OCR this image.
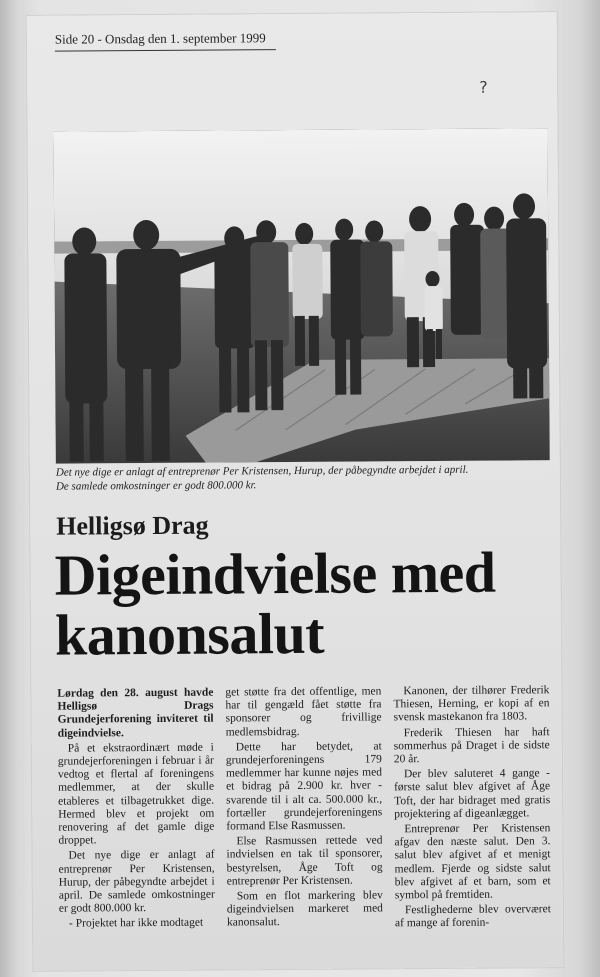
Side 20 - Onsdag den 1. september 1999
?
Det nye dige er anlagt af entreprenør Per Kristensen, Hurup, der påbegyndte arbejdet i april.
De samlede omkostninger er godt 800.000 kr.
Helligsø Drag
Digeindvielse med kanonsalut

Lørdag den 28. august havde Helligsø Drags Grundejerforening inviteret til digeindvielse.

På et ekstraordinært møde i grundejerforeningen i februar i år vedtog et flertal af foreningens medlemmer, at der skulle etableres et tilbagetrukket dige. Hermed blev et projekt om renovering af det gamle dige droppet.

Det nye dige er anlagt af entreprenør Per Kristensen, Hurup, der påbegyndte arbejdet i april. De samlede omkostninger er godt 800.000 kr.

- Projektet har ikke modtaget

get støtte fra det offentlige, men har til gengæld fået støtte fra sponsorer og frivillige medlemsbidrag.

Dette har betydet, at grundejerforeningens 179 medlemmer har kunne nøjes med et bidrag på 2.900 kr. hver - svarende til i alt ca. 500.000 kr., fortæller grundejerforeningens formand Else Rasmussen.

Else Rasmussen rettede ved indvielsen en tak til sponsorer, bestyrelsen, Åge Toft og entreprenør Per Kristensen.

Som en flot markering blev digeindvielsen markeret med kanonsalut.

Kanonen, der tilhører Frederik Thiesen, Herning, er kopi af en svensk mastekanon fra 1803.

Frederik Thiesen har haft sommerhus på Draget i de sidste 20 år.

Der blev saluteret 4 gange - første salut blev afgivet af Åge Toft, der har bidraget med gratis projektering af digeanlægget.

Entreprenør Per Kristensen afgav den næste salut. Den 3. salut blev afgivet af et menigt medlem. Fjerde og sidste salut blev afgivet af et barn, som et symbol på fremtiden.

Festlighederne blev overværet af mange af forenin-
